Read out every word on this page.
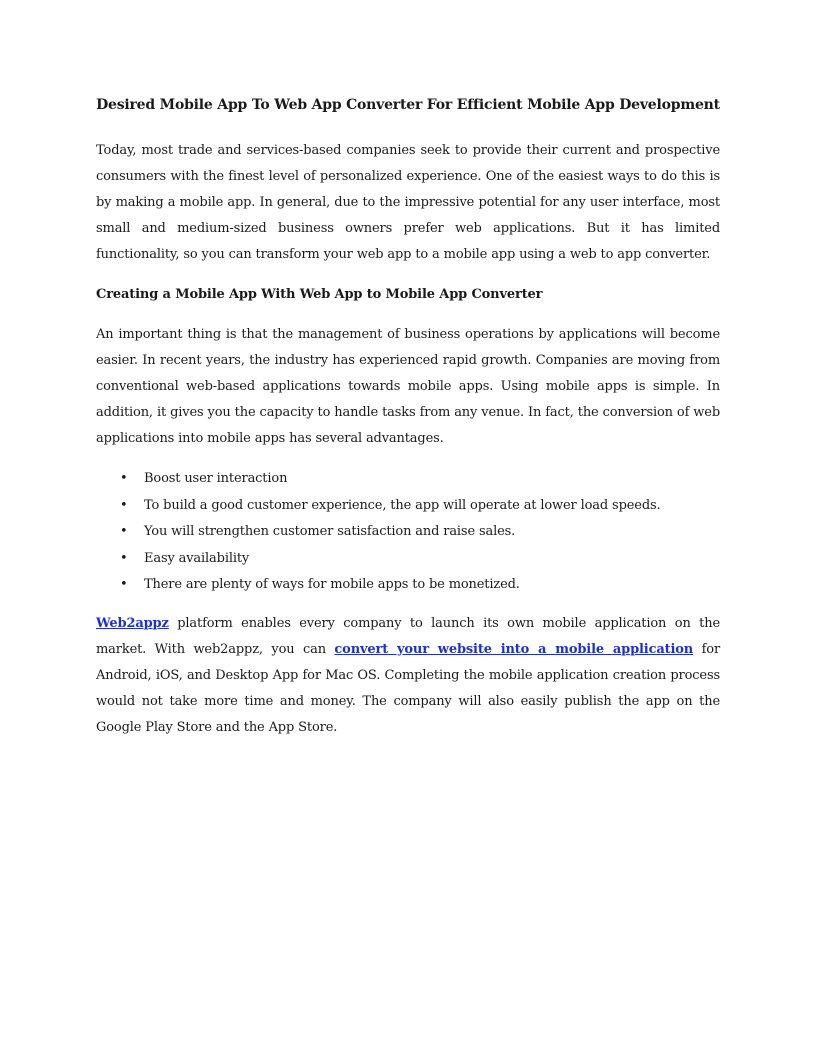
Desired Mobile App To Web App Converter For Efficient Mobile App Development

Today, most trade and services-based companies seek to provide their current and prospective consumers with the finest level of personalized experience. One of the easiest ways to do this is by making a mobile app. In general, due to the impressive potential for any user interface, most small and medium-sized business owners prefer web applications. But it has limited functionality, so you can transform your web app to a mobile app using a web to app converter.

Creating a Mobile App With Web App to Mobile App Converter

An important thing is that the management of business operations by applications will become easier. In recent years, the industry has experienced rapid growth. Companies are moving from conventional web-based applications towards mobile apps. Using mobile apps is simple. In addition, it gives you the capacity to handle tasks from any venue. In fact, the conversion of web applications into mobile apps has several advantages.

• Boost user interaction
• To build a good customer experience, the app will operate at lower load speeds.
• You will strengthen customer satisfaction and raise sales.
• Easy availability
• There are plenty of ways for mobile apps to be monetized.

Web2appz platform enables every company to launch its own mobile application on the market. With web2appz, you can convert your website into a mobile application for Android, iOS, and Desktop App for Mac OS. Completing the mobile application creation process would not take more time and money. The company will also easily publish the app on the Google Play Store and the App Store.
